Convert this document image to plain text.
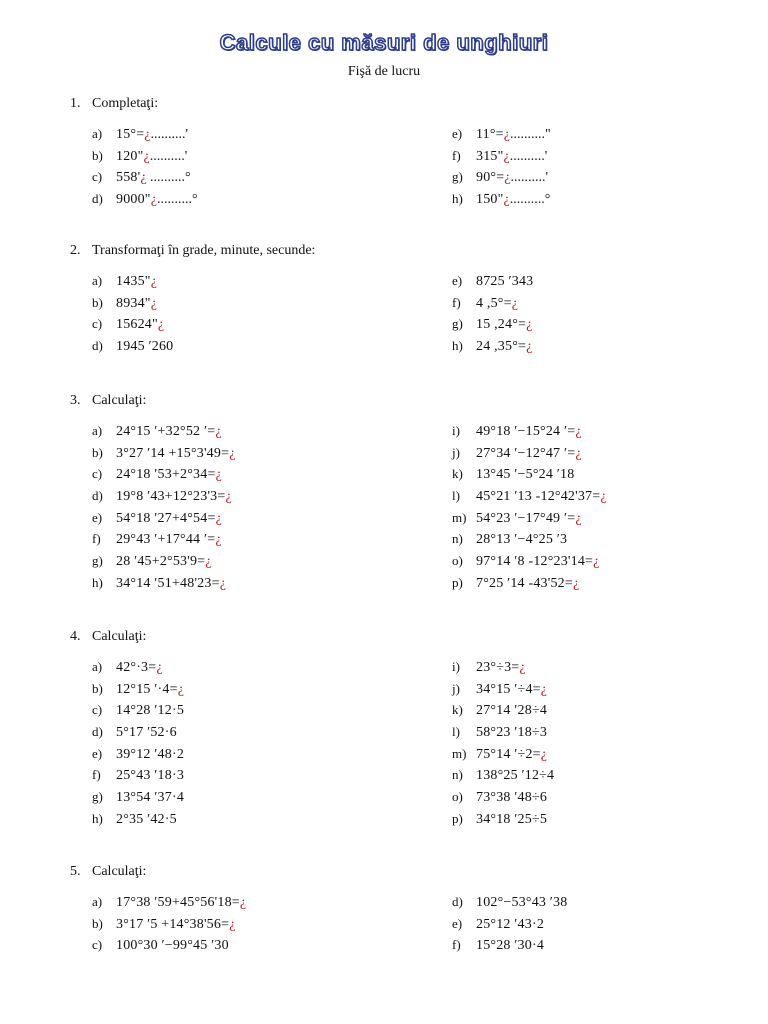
Calcule cu măsuri de unghiuri
Fişă de lucru
1. Completaţi:
a) 15°=¿..........'
b) 120"¿..........'
c) 558'¿ ..........°
d) 9000"¿..........°
e) 11°=¿.........."
f) 315"¿..........'
g) 90°=¿..........'
h) 150"¿..........°
2. Transformaţi în grade, minute, secunde:
a) 1435"¿
b) 8934"¿
c) 15624"¿
d) 1945 ′260
e) 8725 ′343
f) 4 ,5°=¿
g) 15 ,24°=¿
h) 24 ,35°=¿
3. Calculaţi:
a) 24°15 ′+32°52 ′=¿
b) 3°27 ′14 +15°3'49=¿
c) 24°18 ′53+2°34=¿
d) 19°8 ′43+12°23'3=¿
e) 54°18 ′27+4°54=¿
f) 29°43 ′+17°44 ′=¿
g) 28 ′45+2°53'9=¿
h) 34°14 ′51+48'23=¿
i) 49°18 ′−15°24 ′=¿
j) 27°34 ′−12°47 ′=¿
k) 13°45 ′−5°24 ′18
l) 45°21 ′13 -12°42'37=¿
m) 54°23 ′−17°49 ′=¿
n) 28°13 ′−4°25 ′3
o) 97°14 ′8 -12°23'14=¿
p) 7°25 ′14 -43'52=¿
4. Calculaţi:
a) 42°·3=¿
b) 12°15 ′·4=¿
c) 14°28 ′12·5
d) 5°17 ′52·6
e) 39°12 ′48·2
f) 25°43 ′18·3
g) 13°54 ′37·4
h) 2°35 ′42·5
i) 23°÷3=¿
j) 34°15 ′÷4=¿
k) 27°14 ′28÷4
l) 58°23 ′18÷3
m) 75°14 ′÷2=¿
n) 138°25 ′12÷4
o) 73°38 ′48÷6
p) 34°18 ′25÷5
5. Calculaţi:
a) 17°38 ′59+45°56'18=¿
b) 3°17 ′5 +14°38'56=¿
c) 100°30 ′−99°45 ′30
d) 102°−53°43 ′38
e) 25°12 ′43·2
f) 15°28 ′30·4
